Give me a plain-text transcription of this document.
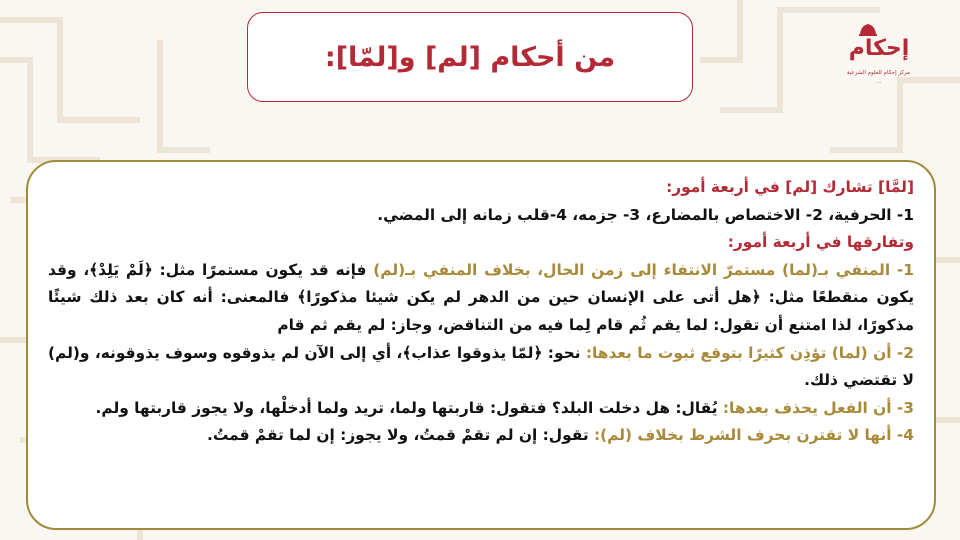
من أحكام [لم] و[لمّا]:	إحكام
مركز إحكام للعلوم الشرعية
...

[لمَّا] تشارك [لم] في أربعة أمور:

1- الحرفية، 2- الاختصاص بالمضارع، 3- جزمه، 4-قلب زمانه إلى المضي.

وتفارقها في أربعة أمور:

1- المنفي بـ(لما) مستمرّ الانتفاء إلى زمن الحال، بخلاف المنفي بـ(لم) فإنه قد يكون مستمرًا مثل: ﴿لَمْ يَلِدْ﴾، وقد يكون منقطعًا مثل: ﴿هل أتى على الإنسان حين من الدهر لم يكن شيئا مذكورًا﴾ فالمعنى: أنه كان بعد ذلك شيئًا مذكورًا، لذا امتنع أن تقول: لما يقم ثُم قام لِما فيه من التناقض، وجاز: لم يقم ثم قام

2- أن (لما) تؤذِن كثيرًا بتوقع ثبوت ما بعدها: نحو: ﴿لمّا يذوقوا عذاب﴾، أي إلى الآن لم يذوقوه وسوف يذوقونه، و(لم) لا تقتضي ذلك.

3- أن الفعل يحذف بعدها: يُقال: هل دخلت البلد؟ فتقول: قاربتها ولما، تريد ولما أدخلْها، ولا يجوز قاربتها ولم.

4- أنها لا تقترن بحرف الشرط بخلاف (لم): تقول: إن لم تقمْ قمتُ، ولا يجوز: إن لما تقمْ قمتُ.
